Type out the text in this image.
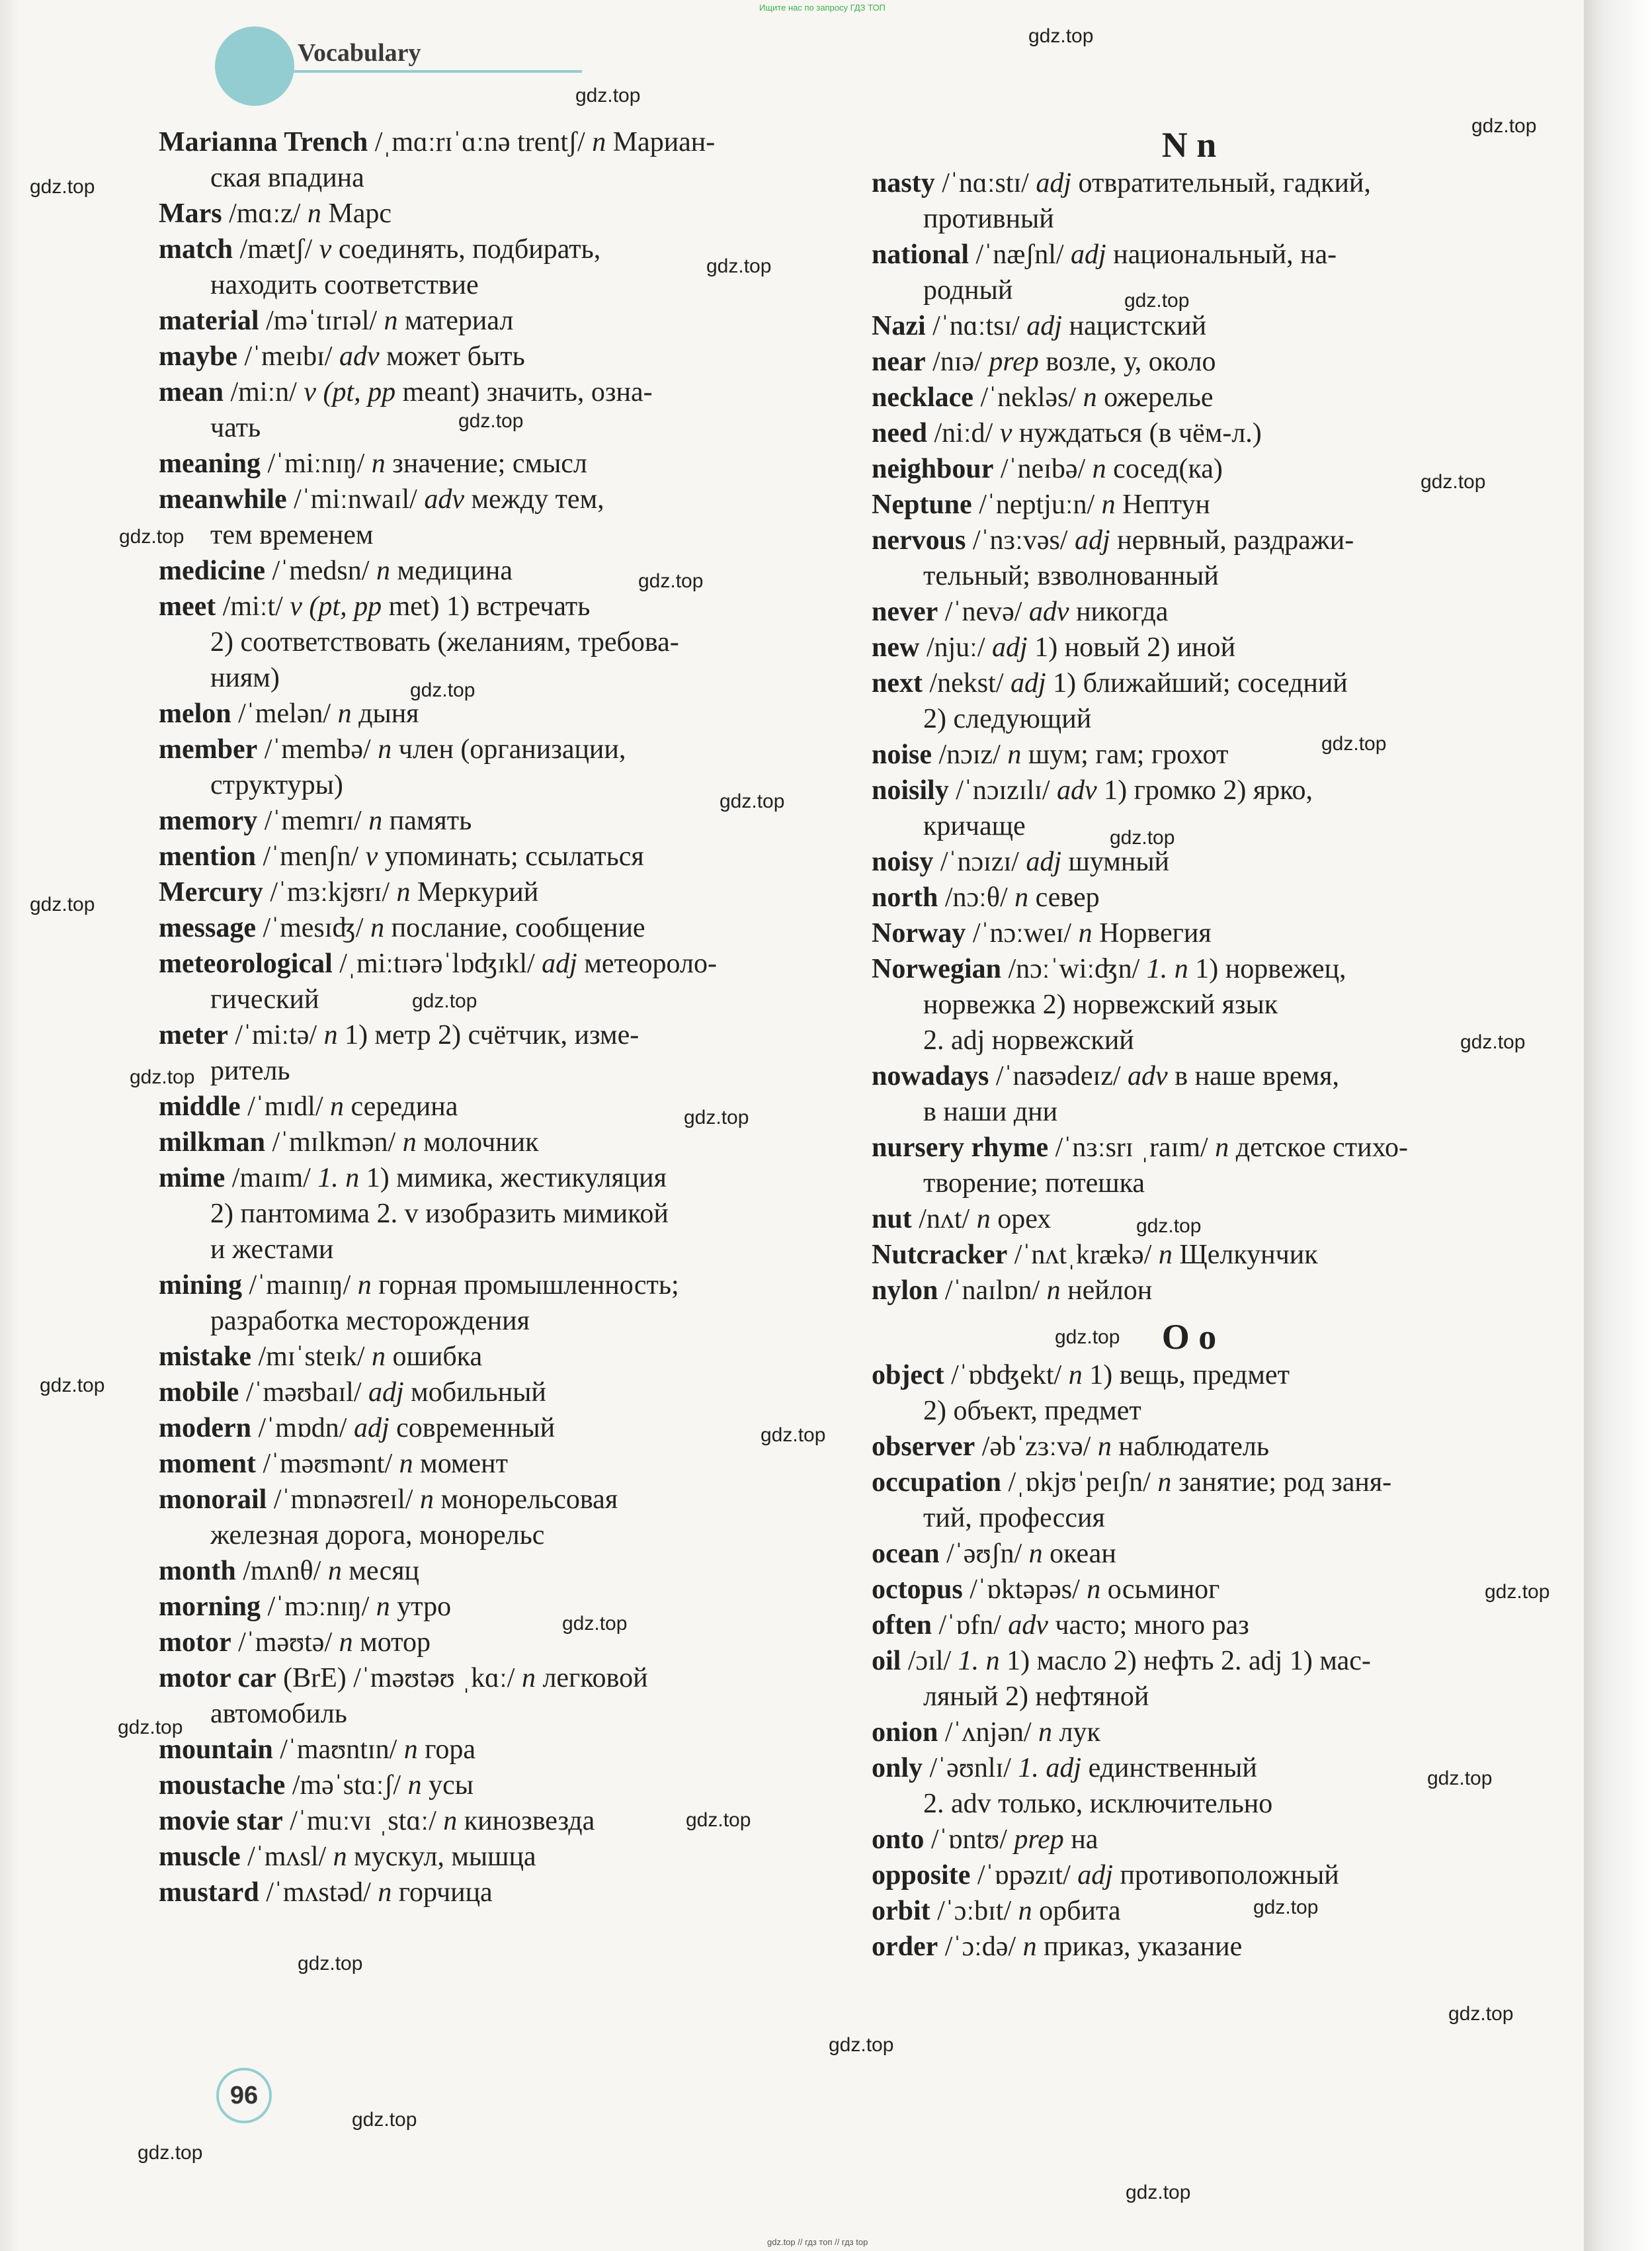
Ищите нас по запросу ГДЗ ТОП
Vocabulary
Marianna Trench /ˌmɑːrɪˈɑːnə trentʃ/ n Мариан-
ская впадина
Mars /mɑːz/ n Марс
match /mætʃ/ v соединять, подбирать,
находить соответствие
material /məˈtɪrɪəl/ n материал
maybe /ˈmeɪbɪ/ adv может быть
mean /miːn/ v (pt, pp meant) значить, озна-
чать
meaning /ˈmiːnɪŋ/ n значение; смысл
meanwhile /ˈmiːnwaɪl/ adv между тем,
тем временем
medicine /ˈmedsn/ n медицина
meet /miːt/ v (pt, pp met) 1) встречать
2) соответствовать (желаниям, требова-
ниям)
melon /ˈmelən/ n дыня
member /ˈmembə/ n член (организации,
структуры)
memory /ˈmemrɪ/ n память
mention /ˈmenʃn/ v упоминать; ссылаться
Mercury /ˈmɜːkjʊrɪ/ n Меркурий
message /ˈmesɪʤ/ n послание, сообщение
meteorological /ˌmiːtɪərəˈlɒʤɪkl/ adj метеороло-
гический
meter /ˈmiːtə/ n 1) метр 2) счётчик, изме-
ритель
middle /ˈmɪdl/ n середина
milkman /ˈmɪlkmən/ n молочник
mime /maɪm/ 1. n 1) мимика, жестикуляция
2) пантомима 2. v изобразить мимикой
и жестами
mining /ˈmaɪnɪŋ/ n горная промышленность;
разработка месторождения
mistake /mɪˈsteɪk/ n ошибка
mobile /ˈməʊbaɪl/ adj мобильный
modern /ˈmɒdn/ adj современный
moment /ˈməʊmənt/ n момент
monorail /ˈmɒnəʊreɪl/ n монорельсовая
железная дорога, монорельс
month /mʌnθ/ n месяц
morning /ˈmɔːnɪŋ/ n утро
motor /ˈməʊtə/ n мотор
motor car (BrE) /ˈməʊtəʊ ˌkɑː/ n легковой
автомобиль
mountain /ˈmaʊntɪn/ n гора
moustache /məˈstɑːʃ/ n усы
movie star /ˈmuːvɪ ˌstɑː/ n кинозвезда
muscle /ˈmʌsl/ n мускул, мышца
mustard /ˈmʌstəd/ n горчица
N n
nasty /ˈnɑːstɪ/ adj отвратительный, гадкий,
противный
national /ˈnæʃnl/ adj национальный, на-
родный
Nazi /ˈnɑːtsɪ/ adj нацистский
near /nɪə/ prep возле, у, около
necklace /ˈnekləs/ n ожерелье
need /niːd/ v нуждаться (в чём-л.)
neighbour /ˈneɪbə/ n сосед(ка)
Neptune /ˈneptjuːn/ n Нептун
nervous /ˈnɜːvəs/ adj нервный, раздражи-
тельный; взволнованный
never /ˈnevə/ adv никогда
new /njuː/ adj 1) новый 2) иной
next /nekst/ adj 1) ближайший; соседний
2) следующий
noise /nɔɪz/ n шум; гам; грохот
noisily /ˈnɔɪzɪlɪ/ adv 1) громко 2) ярко,
кричаще
noisy /ˈnɔɪzɪ/ adj шумный
north /nɔːθ/ n север
Norway /ˈnɔːweɪ/ n Норвегия
Norwegian /nɔːˈwiːʤn/ 1. n 1) норвежец,
норвежка 2) норвежский язык
2. adj норвежский
nowadays /ˈnaʊədeɪz/ adv в наше время,
в наши дни
nursery rhyme /ˈnɜːsrɪ ˌraɪm/ n детское стихо-
творение; потешка
nut /nʌt/ n орех
Nutcracker /ˈnʌtˌkrækə/ n Щелкунчик
nylon /ˈnaɪlɒn/ n нейлон
O o
object /ˈɒbʤekt/ n 1) вещь, предмет
2) объект, предмет
observer /əbˈzɜːvə/ n наблюдатель
occupation /ˌɒkjʊˈpeɪʃn/ n занятие; род заня-
тий, профессия
ocean /ˈəʊʃn/ n океан
octopus /ˈɒktəpəs/ n осьминог
often /ˈɒfn/ adv часто; много раз
oil /ɔɪl/ 1. n 1) масло 2) нефть 2. adj 1) мас-
ляный 2) нефтяной
onion /ˈʌnjən/ n лук
only /ˈəʊnlɪ/ 1. adj единственный
2. adv только, исключительно
onto /ˈɒntʊ/ prep на
opposite /ˈɒpəzɪt/ adj противоположный
orbit /ˈɔːbɪt/ n орбита
order /ˈɔːdə/ n приказ, указание
96
gdz.top // гдз топ // гдз top
gdz.top
gdz.top
gdz.top
gdz.top
gdz.top
gdz.top
gdz.top
gdz.top
gdz.top
gdz.top
gdz.top
gdz.top
gdz.top
gdz.top
gdz.top
gdz.top
gdz.top
gdz.top
gdz.top
gdz.top
gdz.top
gdz.top
gdz.top
gdz.top
gdz.top
gdz.top
gdz.top
gdz.top
gdz.top
gdz.top
gdz.top
gdz.top
gdz.top
gdz.top
gdz.top
